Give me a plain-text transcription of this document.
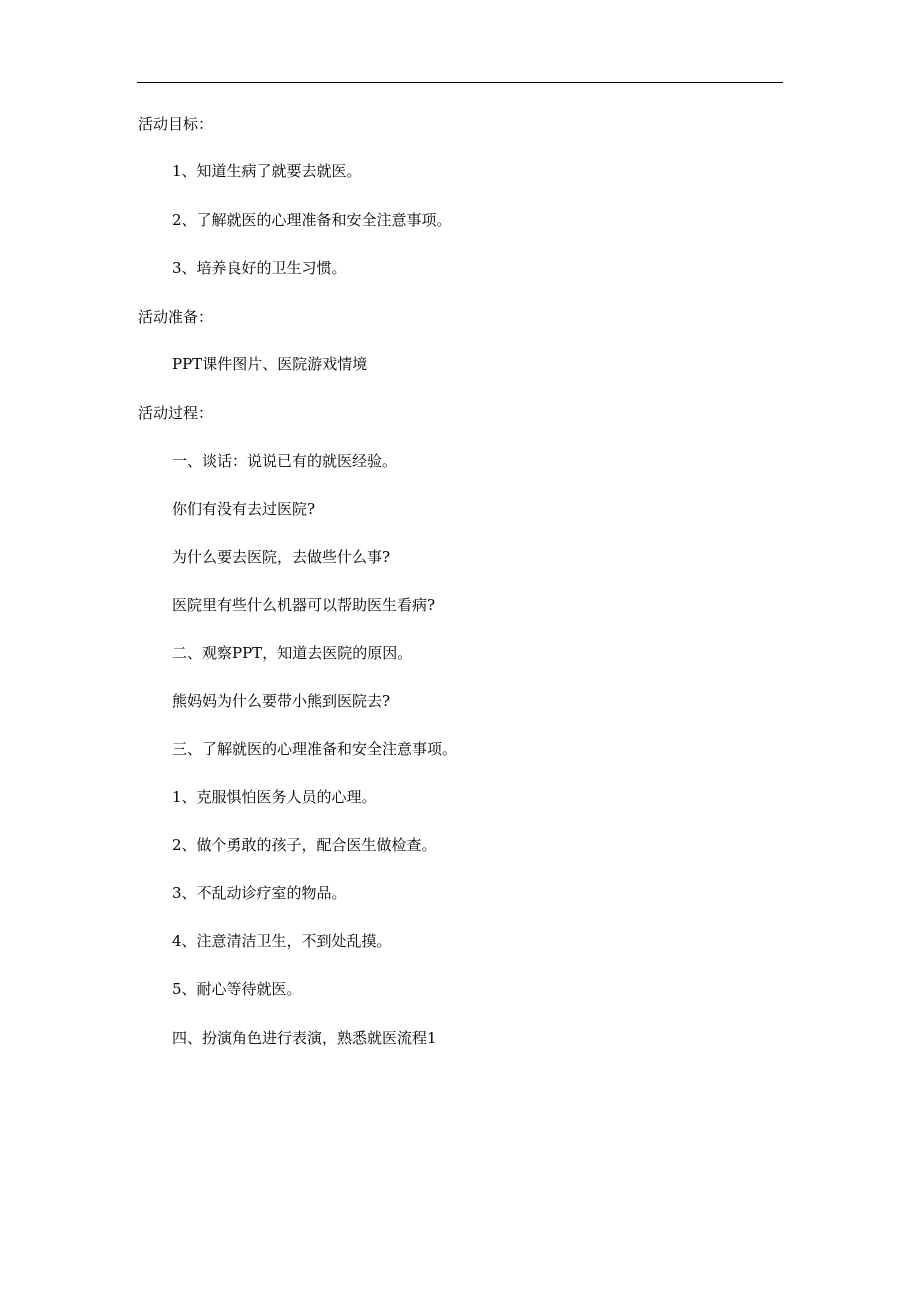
活动目标：
1、知道生病了就要去就医。
2、了解就医的心理准备和安全注意事项。
3、培养良好的卫生习惯。
活动准备：
PPT课件图片、医院游戏情境
活动过程：
一、谈话：说说已有的就医经验。
你们有没有去过医院?
为什么要去医院，去做些什么事?
医院里有些什么机器可以帮助医生看病?
二、观察PPT，知道去医院的原因。
熊妈妈为什么要带小熊到医院去?
三、了解就医的心理准备和安全注意事项。
1、克服惧怕医务人员的心理。
2、做个勇敢的孩子，配合医生做检查。
3、不乱动诊疗室的物品。
4、注意清洁卫生，不到处乱摸。
5、耐心等待就医。
四、扮演角色进行表演，熟悉就医流程1
